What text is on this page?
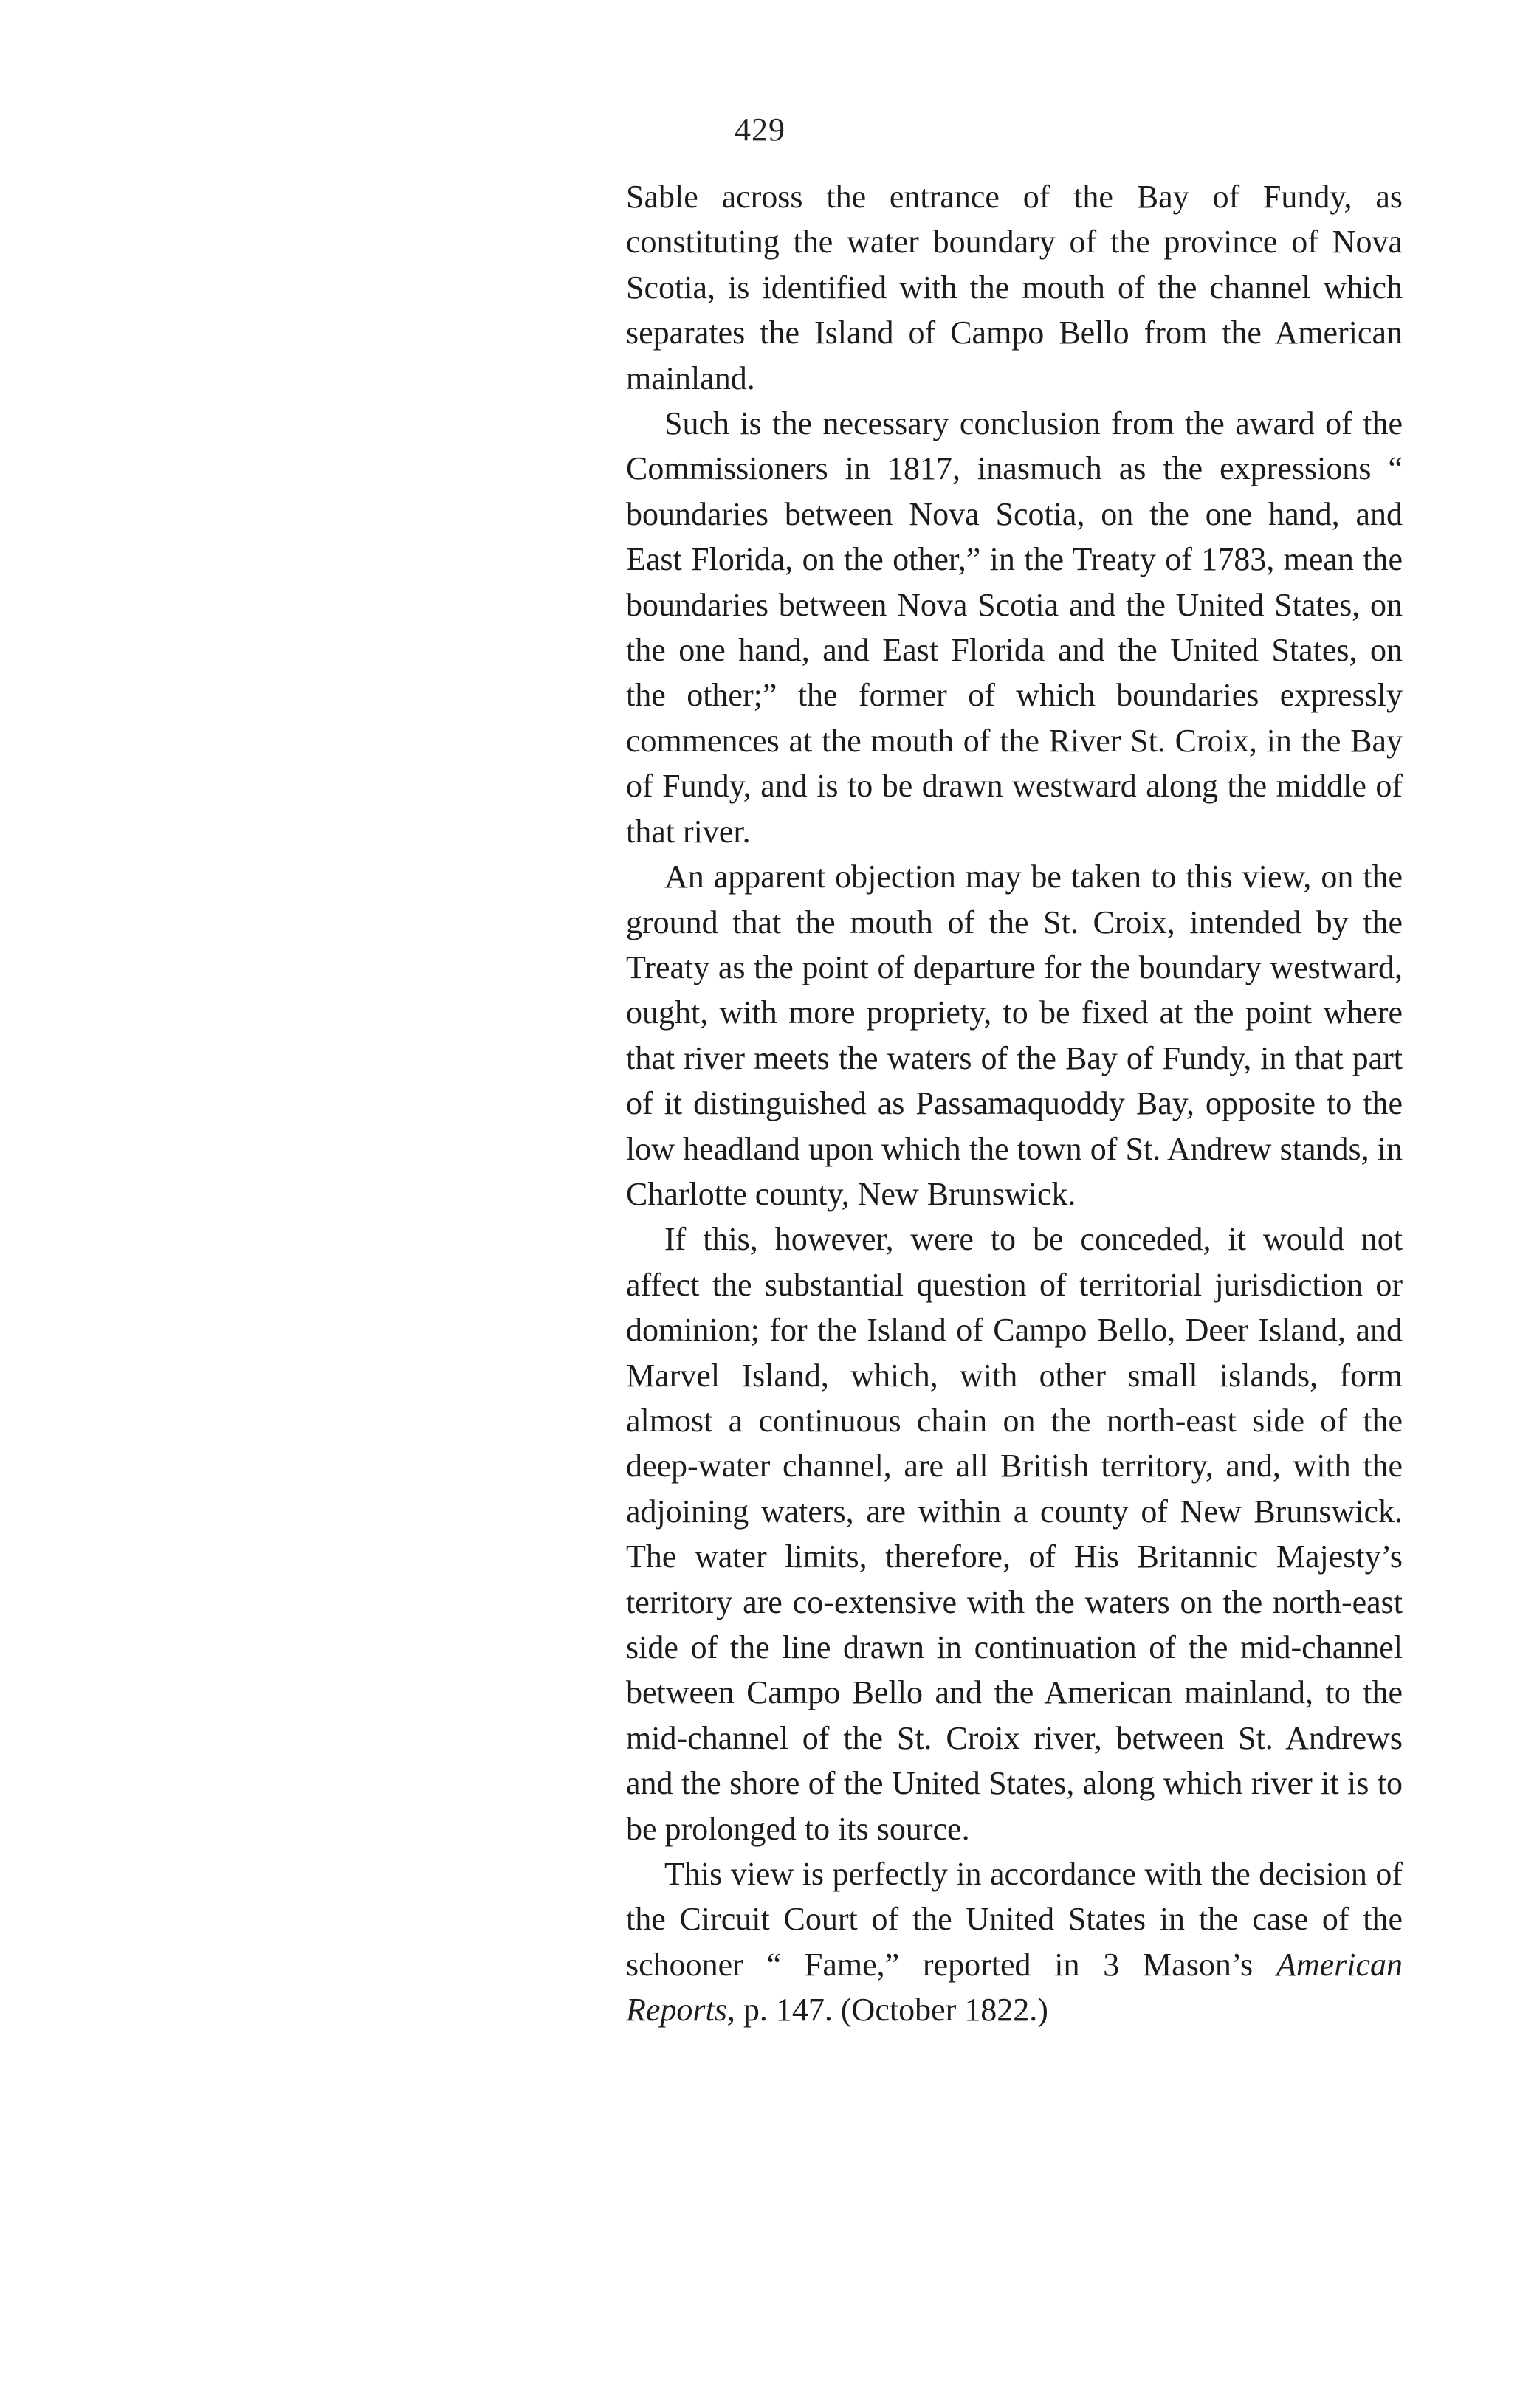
429

Sable across the entrance of the Bay of Fundy, as constituting the water boundary of the province of Nova Scotia, is identified with the mouth of the channel which separates the Island of Campo Bello from the American mainland.

Such is the necessary conclusion from the award of the Commissioners in 1817, inasmuch as the expressions “ boundaries between Nova Scotia, on the one hand, and East Florida, on the other,” in the Treaty of 1783, mean the boundaries between Nova Scotia and the United States, on the one hand, and East Florida and the United States, on the other;” the former of which boundaries expressly commences at the mouth of the River St. Croix, in the Bay of Fundy, and is to be drawn westward along the middle of that river.

An apparent objection may be taken to this view, on the ground that the mouth of the St. Croix, intended by the Treaty as the point of departure for the boundary westward, ought, with more propriety, to be fixed at the point where that river meets the waters of the Bay of Fundy, in that part of it distinguished as Passamaquoddy Bay, opposite to the low headland upon which the town of St. Andrew stands, in Charlotte county, New Brunswick.

If this, however, were to be conceded, it would not affect the substantial question of territorial jurisdiction or dominion; for the Island of Campo Bello, Deer Island, and Marvel Island, which, with other small islands, form almost a continuous chain on the north-east side of the deep-water channel, are all British territory, and, with the adjoining waters, are within a county of New Brunswick. The water limits, therefore, of His Britannic Majesty’s territory are co-extensive with the waters on the north-east side of the line drawn in continuation of the mid-channel between Campo Bello and the American mainland, to the mid-channel of the St. Croix river, between St. Andrews and the shore of the United States, along which river it is to be prolonged to its source.

This view is perfectly in accordance with the decision of the Circuit Court of the United States in the case of the schooner “ Fame,” reported in 3 Mason’s American Reports, p. 147. (October 1822.)
